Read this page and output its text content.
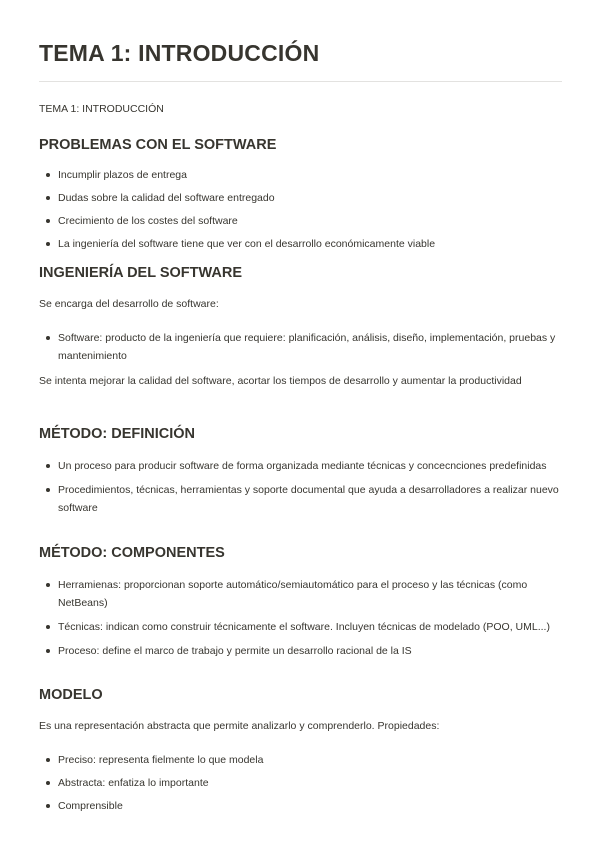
TEMA 1: INTRODUCCIÓN

TEMA 1: INTRODUCCIÓN

PROBLEMAS CON EL SOFTWARE
Incumplir plazos de entrega
Dudas sobre la calidad del software entregado
Crecimiento de los costes del software
La ingeniería del software tiene que ver con el desarrollo económicamente viable
INGENIERÍA DEL SOFTWARE

Se encarga del desarrollo de software:

Software: producto de la ingeniería que requiere: planificación, análisis, diseño, implementación, pruebas y mantenimiento

Se intenta mejorar la calidad del software, acortar los tiempos de desarrollo y aumentar la productividad

MÉTODO: DEFINICIÓN
Un proceso para producir software de forma organizada mediante técnicas y concecnciones predefinidas
Procedimientos, técnicas, herramientas y soporte documental que ayuda a desarrolladores a realizar nuevo software
MÉTODO: COMPONENTES
Herramienas: proporcionan soporte automático/semiautomático para el proceso y las técnicas (como NetBeans)
Técnicas: indican como construir técnicamente el software. Incluyen técnicas de modelado (POO, UML...)
Proceso: define el marco de trabajo y permite un desarrollo racional de la IS
MODELO

Es una representación abstracta que permite analizarlo y comprenderlo. Propiedades:

Preciso: representa fielmente lo que modela
Abstracta: enfatiza lo importante
Comprensible
